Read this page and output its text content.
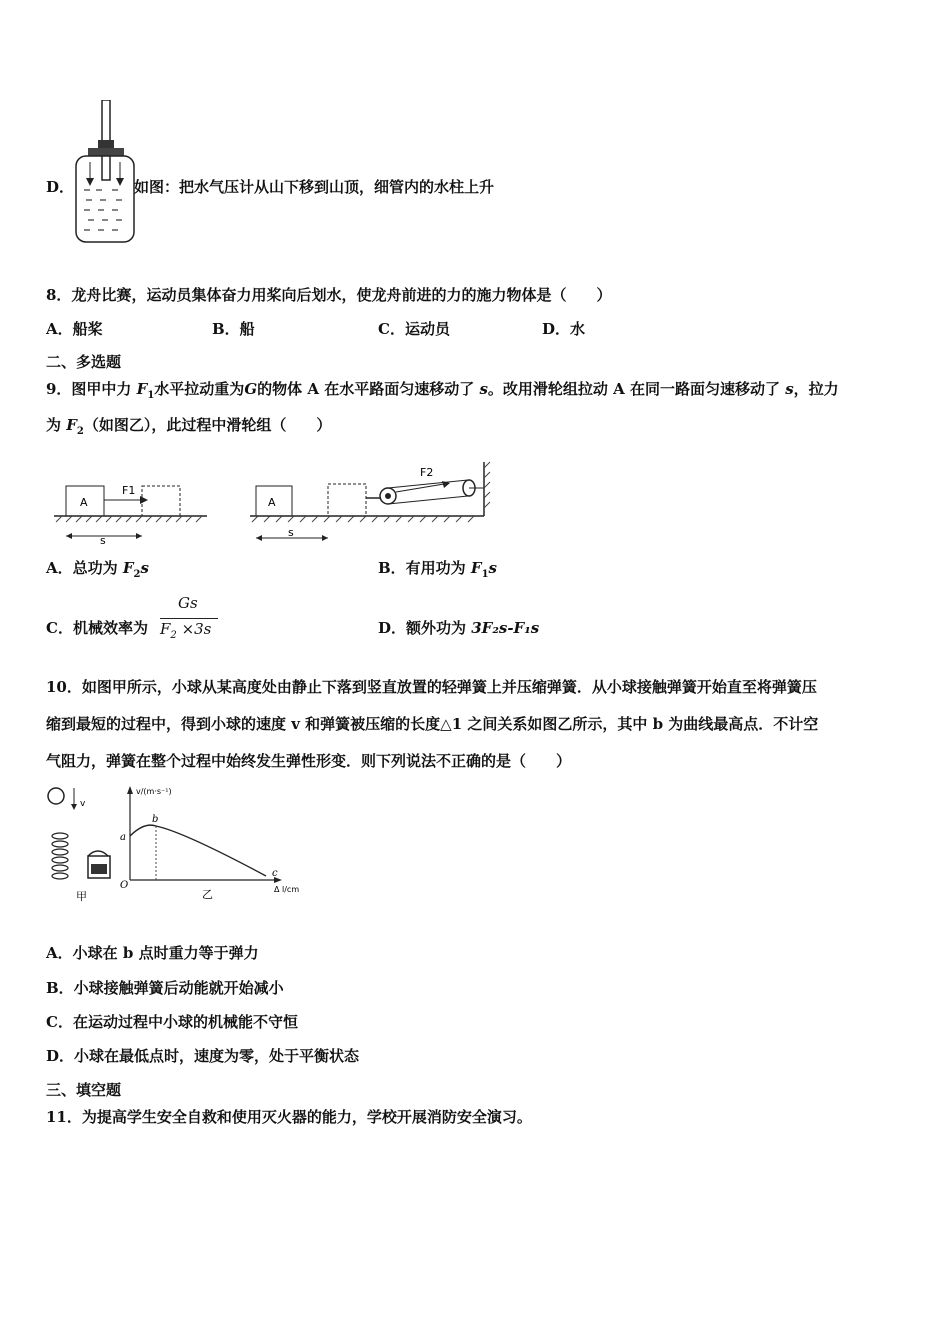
D．	如图：把水气压计从山下移到山顶，细管内的水柱上升
8．龙舟比赛，运动员集体奋力用桨向后划水，使龙舟前进的力的施力物体是（　　）
A．船桨	B．船	C．运动员	D．水
二、多选题
9．图甲中力 $F_1$水平拉动重为G的物体 A 在水平路面匀速移动了 s。改用滑轮组拉动 A 在同一路面匀速移动了 s，拉力
为 $F_2$（如图乙），此过程中滑轮组（　　）
A
F1
s
A
F2
s
A．总功为 $F_2s$	B．有用功为 $F_1s$
C．机械效率为
Gs
$F_2 \times 3s$	D．额外功为 3F₂s-F₁s
10．如图甲所示，小球从某高度处由静止下落到竖直放置的轻弹簧上并压缩弹簧．从小球接触弹簧开始直至将弹簧压
缩到最短的过程中，得到小球的速度 v 和弹簧被压缩的长度△1 之间关系如图乙所示，其中 b 为曲线最高点．不计空
气阻力，弹簧在整个过程中始终发生弹性形变．则下列说法不正确的是（　　）
v
甲
v/(m·s⁻¹)
a
b
c
O	Δ l/cm
乙
A．小球在 b 点时重力等于弹力
B．小球接触弹簧后动能就开始减小
C．在运动过程中小球的机械能不守恒
D．小球在最低点时，速度为零，处于平衡状态
三、填空题
11．为提高学生安全自救和使用灭火器的能力，学校开展消防安全演习。
